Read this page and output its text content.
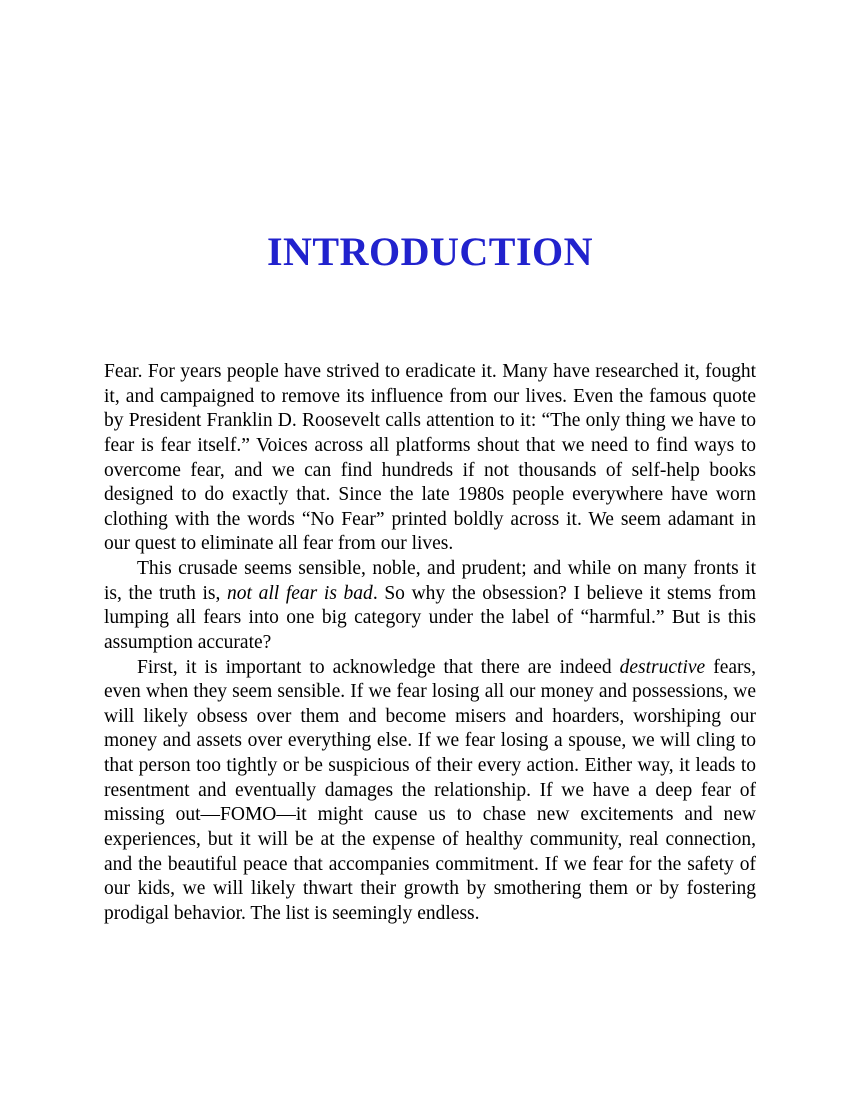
INTRODUCTION

Fear. For years people have strived to eradicate it. Many have researched it, fought it, and campaigned to remove its influence from our lives. Even the famous quote by President Franklin D. Roosevelt calls attention to it: “The only thing we have to fear is fear itself.” Voices across all platforms shout that we need to find ways to overcome fear, and we can find hundreds if not thousands of self-help books designed to do exactly that. Since the late 1980s people everywhere have worn clothing with the words “No Fear” printed boldly across it. We seem adamant in our quest to eliminate all fear from our lives.

This crusade seems sensible, noble, and prudent; and while on many fronts it is, the truth is, not all fear is bad. So why the obsession? I believe it stems from lumping all fears into one big category under the label of “harmful.” But is this assumption accurate?

First, it is important to acknowledge that there are indeed destructive fears, even when they seem sensible. If we fear losing all our money and possessions, we will likely obsess over them and become misers and hoarders, worshiping our money and assets over everything else. If we fear losing a spouse, we will cling to that person too tightly or be suspicious of their every action. Either way, it leads to resentment and eventually damages the relationship. If we have a deep fear of missing out—FOMO—it might cause us to chase new excitements and new experiences, but it will be at the expense of healthy community, real connection, and the beautiful peace that accompanies commitment. If we fear for the safety of our kids, we will likely thwart their growth by smothering them or by fostering prodigal behavior. The list is seemingly endless.
